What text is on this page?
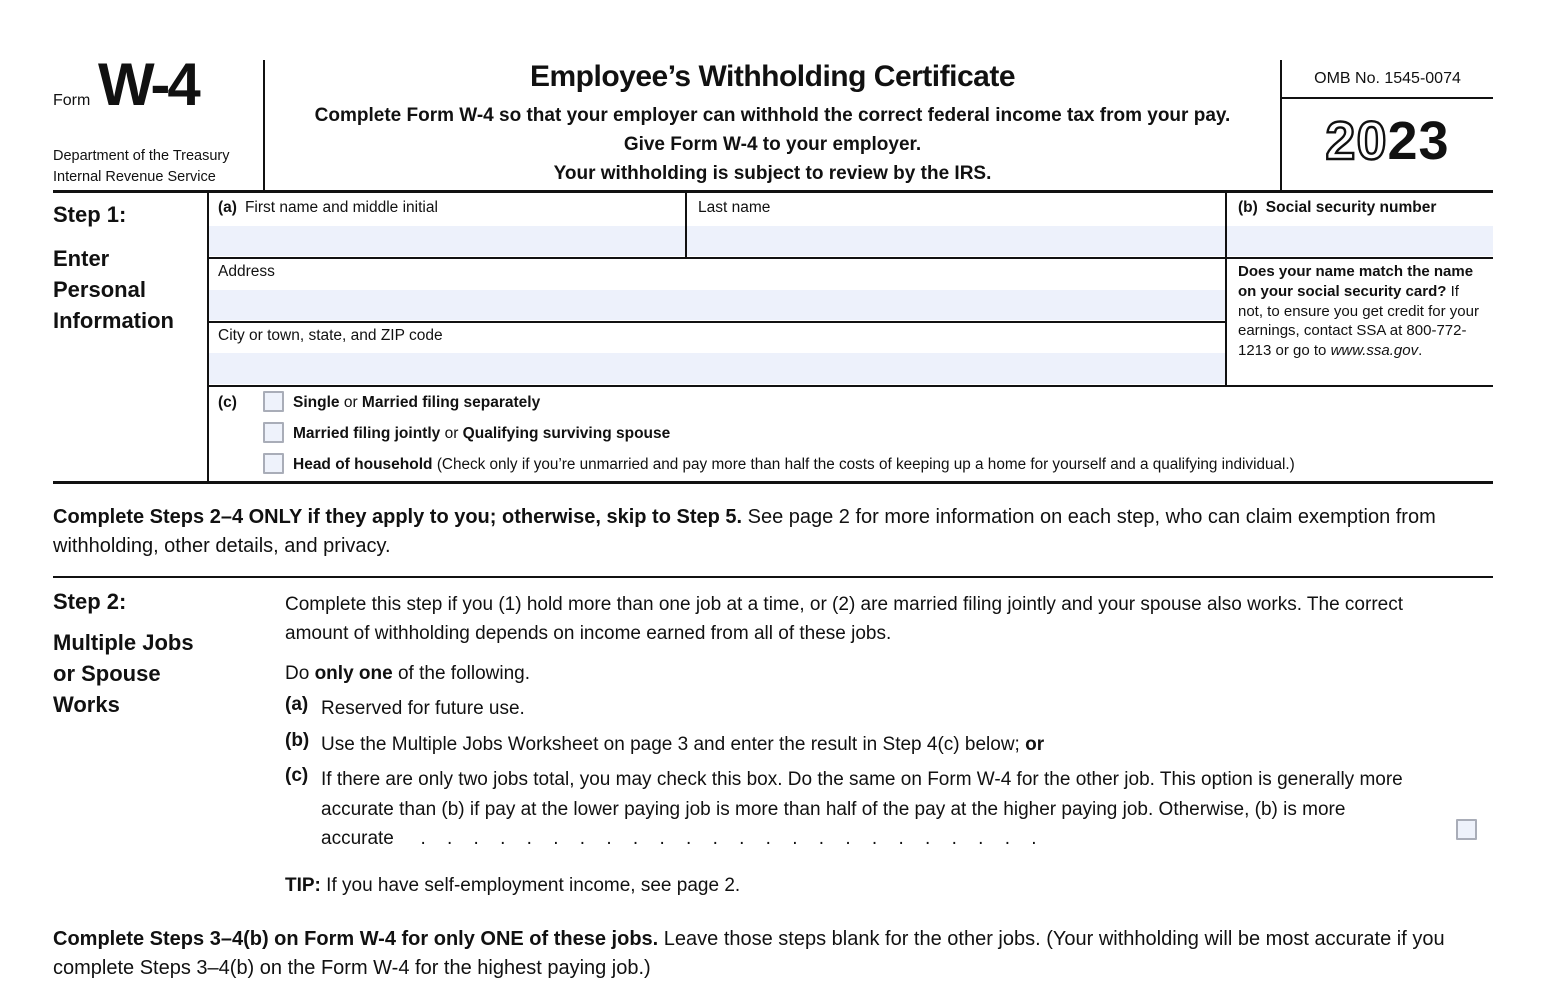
Form W-4
Department of the Treasury
Internal Revenue Service
Employee’s Withholding Certificate
Complete Form W-4 so that your employer can withhold the correct federal income tax from your pay.
Give Form W-4 to your employer.
Your withholding is subject to review by the IRS.
OMB No. 1545-0074
2023
Step 1:
Enter
Personal
Information
(a) First name and middle initial	Last name	(b) Social security number
Address
City or town, state, and ZIP code
Does your name match the name on your social security card? If not, to ensure you get credit for your earnings, contact SSA at 800-772-1213 or go to www.ssa.gov.
(c)	Single or Married filing separately
Married filing jointly or Qualifying surviving spouse
Head of household (Check only if you’re unmarried and pay more than half the costs of keeping up a home for yourself and a qualifying individual.)
Complete Steps 2–4 ONLY if they apply to you; otherwise, skip to Step 5. See page 2 for more information on each step, who can claim exemption from withholding, other details, and privacy.
Step 2:
Multiple Jobs
or Spouse
Works
Complete this step if you (1) hold more than one job at a time, or (2) are married filing jointly and your spouse also works. The correct amount of withholding depends on income earned from all of these jobs.
Do only one of the following.
(a) Reserved for future use.
(b) Use the Multiple Jobs Worksheet on page 3 and enter the result in Step 4(c) below; or
(c) If there are only two jobs total, you may check this box. Do the same on Form W-4 for the other job. This option is generally more accurate than (b) if pay at the lower paying job is more than half of the pay at the higher paying job. Otherwise, (b) is more accurate . . . . . . . . . . . . . . . . . . . . . . . .
TIP: If you have self-employment income, see page 2.
Complete Steps 3–4(b) on Form W-4 for only ONE of these jobs. Leave those steps blank for the other jobs. (Your withholding will be most accurate if you complete Steps 3–4(b) on the Form W-4 for the highest paying job.)
